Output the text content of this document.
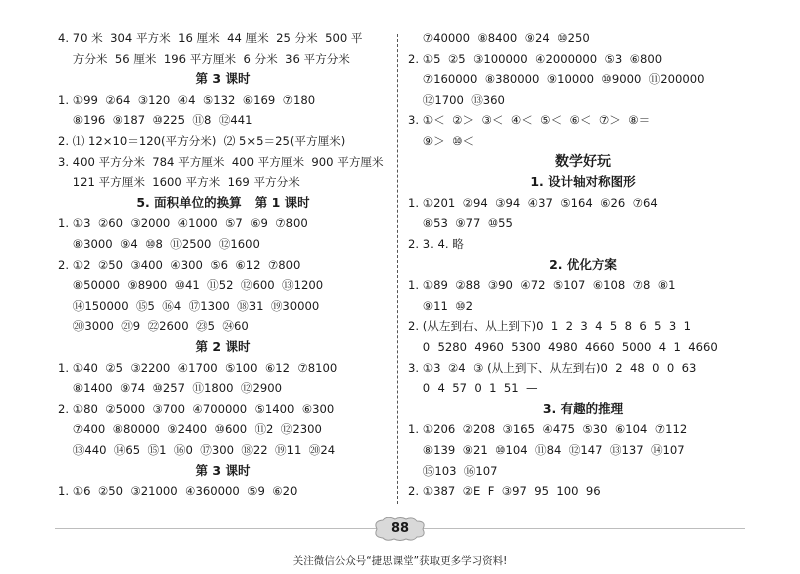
4. 70 米  304 平方米  16 厘米  44 厘米  25 分米  500 平
方分米  56 厘米  196 平方厘米  6 分米  36 平方分米
第 3 课时
1. ①99  ②64  ③120  ④4  ⑤132  ⑥169  ⑦180
⑧196  ⑨187  ⑩225  ⑪8  ⑫441
2. ⑴ 12×10＝120(平方分米)  ⑵ 5×5＝25(平方厘米)
3. 400 平方分米  784 平方厘米  400 平方厘米  900 平方厘米
121 平方厘米  1600 平方米  169 平方分米
5. 面积单位的换算   第 1 课时
1. ①3  ②60  ③2000  ④1000  ⑤7  ⑥9  ⑦800
⑧3000  ⑨4  ⑩8  ⑪2500  ⑫1600
2. ①2  ②50  ③400  ④300  ⑤6  ⑥12  ⑦800
⑧50000  ⑨8900  ⑩41  ⑪52  ⑫600  ⑬1200
⑭150000  ⑮5  ⑯4  ⑰1300  ⑱31  ⑲30000
⑳3000  ㉑9  ㉒2600  ㉓5  ㉔60
第 2 课时
1. ①40  ②5  ③2200  ④1700  ⑤100  ⑥12  ⑦8100
⑧1400  ⑨74  ⑩257  ⑪1800  ⑫2900
2. ①80  ②5000  ③700  ④700000  ⑤1400  ⑥300
⑦400  ⑧80000  ⑨2400  ⑩600  ⑪2  ⑫2300
⑬440  ⑭65  ⑮1  ⑯0  ⑰300  ⑱22  ⑲11  ⑳24
第 3 课时
1. ①6  ②50  ③21000  ④360000  ⑤9  ⑥20
⑦40000  ⑧8400  ⑨24  ⑩250
2. ①5  ②5  ③100000  ④2000000  ⑤3  ⑥800
⑦160000  ⑧380000  ⑨10000  ⑩9000  ⑪200000
⑫1700  ⑬360
3. ①＜  ②＞  ③＜  ④＜  ⑤＜  ⑥＜  ⑦＞  ⑧＝
⑨＞  ⑩＜
数学好玩
1. 设计轴对称图形
1. ①201  ②94  ③94  ④37  ⑤164  ⑥26  ⑦64
⑧53  ⑨77  ⑩55
2. 3. 4. 略
2. 优化方案
1. ①89  ②88  ③90  ④72  ⑤107  ⑥108  ⑦8  ⑧1
⑨11  ⑩2
2. (从左到右、从上到下)0  1  2  3  4  5  8  6  5  3  1
0  5280  4960  5300  4980  4660  5000  4  1  4660
3. ①3  ②4  ③ (从上到下、从左到右)0  2  48  0  0  63
0  4  57  0  1  51  —
3. 有趣的推理
1. ①206  ②208  ③165  ④475  ⑤30  ⑥104  ⑦112
⑧139  ⑨21  ⑩104  ⑪84  ⑫147  ⑬137  ⑭107
⑮103  ⑯107
2. ①387  ②E  F  ③97  95  100  96
88
关注微信公众号“捷思课堂”获取更多学习资料!
